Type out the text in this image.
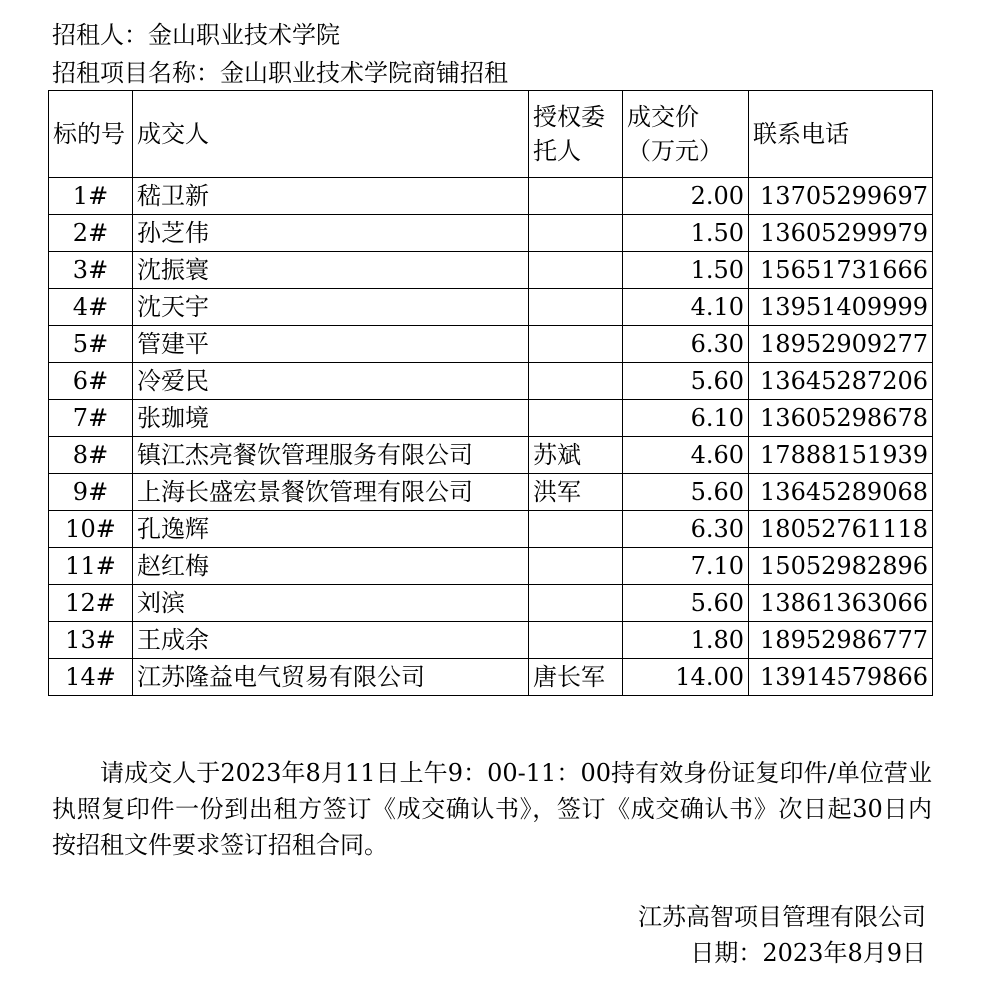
招租人：金山职业技术学院
招租项目名称：金山职业技术学院商铺招租
标的号	成交人	授权委托人	成交价（万元）	联系电话
1#	嵇卫新		2.00	13705299697
2#	孙芝伟		1.50	13605299979
3#	沈振寰		1.50	15651731666
4#	沈天宇		4.10	13951409999
5#	管建平		6.30	18952909277
6#	冷爱民		5.60	13645287206
7#	张珈境		6.10	13605298678
8#	镇江杰亮餐饮管理服务有限公司	苏斌	4.60	17888151939
9#	上海长盛宏景餐饮管理有限公司	洪军	5.60	13645289068
10#	孔逸辉		6.30	18052761118
11#	赵红梅		7.10	15052982896
12#	刘滨		5.60	13861363066
13#	王成余		1.80	18952986777
14#	江苏隆益电气贸易有限公司	唐长军	14.00	13914579866

请成交人于2023年8月11日上午9：00-11：00持有效身份证复印件/单位营业执照复印件一份到出租方签订《成交确认书》，签订《成交确认书》次日起30日内按招租文件要求签订招租合同。

江苏高智项目管理有限公司
日期：2023年8月9日
